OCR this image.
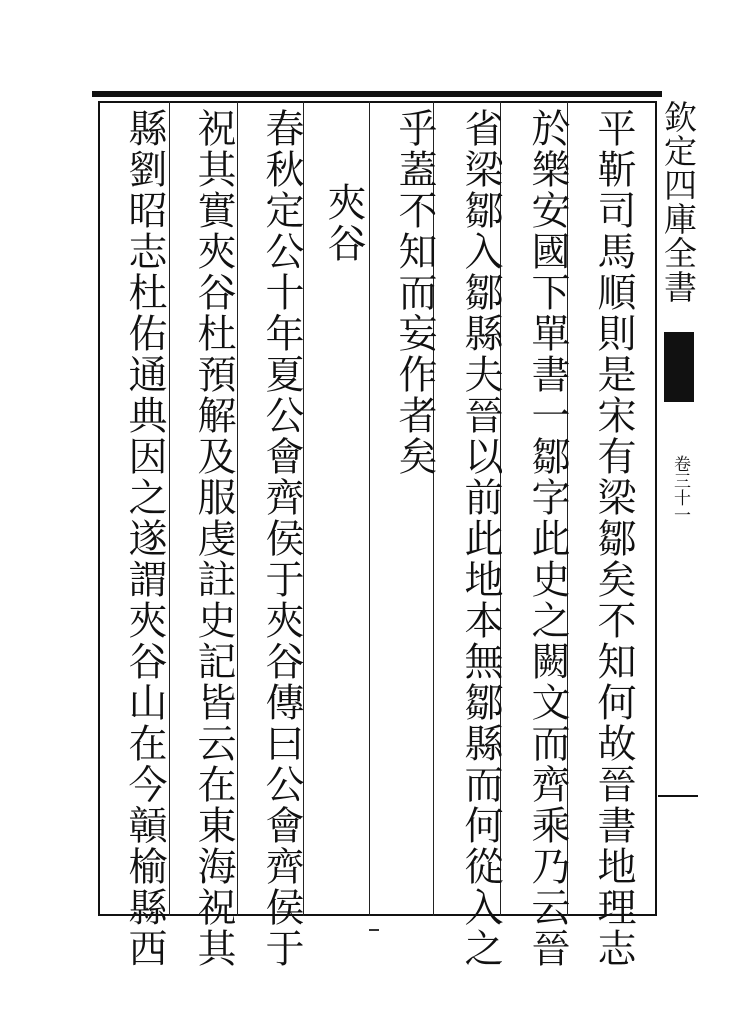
平靳司馬順則是宋有梁鄒矣不知何故晉書地理志
於樂安國下單書一鄒字此史之闕文而齊乘乃云晉
省梁鄒入鄒縣夫晉以前此地本無鄒縣而何從入之
乎蓋不知而妄作者矣
夾谷
春秋定公十年夏公會齊侯于夾谷傳曰公會齊侯于
祝其實夾谷杜預解及服虔註史記皆云在東海祝其
縣劉昭志杜佑通典因之遂謂夾谷山在今贑榆縣西	欽定四庫全書
卷三十一
